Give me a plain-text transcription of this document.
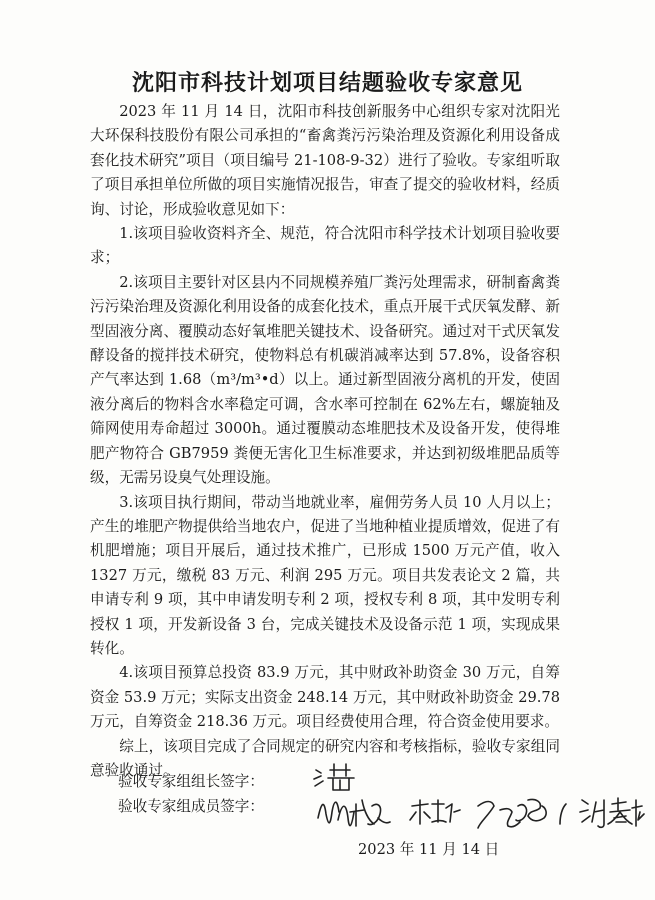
沈阳市科技计划项目结题验收专家意见

2023 年 11 月 14 日，沈阳市科技创新服务中心组织专家对沈阳光大环保科技股份有限公司承担的“畜禽粪污污染治理及资源化利用设备成套化技术研究”项目（项目编号 21-108-9-32）进行了验收。专家组听取了项目承担单位所做的项目实施情况报告，审查了提交的验收材料，经质询、讨论，形成验收意见如下：

1.该项目验收资料齐全、规范，符合沈阳市科学技术计划项目验收要求；

2.该项目主要针对区县内不同规模养殖厂粪污处理需求，研制畜禽粪污污染治理及资源化利用设备的成套化技术，重点开展干式厌氧发酵、新型固液分离、覆膜动态好氧堆肥关键技术、设备研究。通过对干式厌氧发酵设备的搅拌技术研究，使物料总有机碳消减率达到 57.8%，设备容积产气率达到 1.68（m³/m³•d）以上。通过新型固液分离机的开发，使固液分离后的物料含水率稳定可调，含水率可控制在 62%左右，螺旋轴及筛网使用寿命超过 3000h。通过覆膜动态堆肥技术及设备开发，使得堆肥产物符合 GB7959 粪便无害化卫生标准要求，并达到初级堆肥品质等级，无需另设臭气处理设施。

3.该项目执行期间，带动当地就业率，雇佣劳务人员 10 人月以上；产生的堆肥产物提供给当地农户，促进了当地种植业提质增效，促进了有机肥增施；项目开展后，通过技术推广，已形成 1500 万元产值，收入 1327 万元，缴税 83 万元、利润 295 万元。项目共发表论文 2 篇，共申请专利 9 项，其中申请发明专利 2 项，授权专利 8 项，其中发明专利授权 1 项，开发新设备 3 台，完成关键技术及设备示范 1 项，实现成果转化。

4.该项目预算总投资 83.9 万元，其中财政补助资金 30 万元，自筹资金 53.9 万元；实际支出资金 248.14 万元，其中财政补助资金 29.78 万元，自筹资金 218.36 万元。项目经费使用合理，符合资金使用要求。

综上，该项目完成了合同规定的研究内容和考核指标，验收专家组同意验收通过。

验收专家组组长签字：
验收专家组成员签字：
2023 年 11 月 14 日
